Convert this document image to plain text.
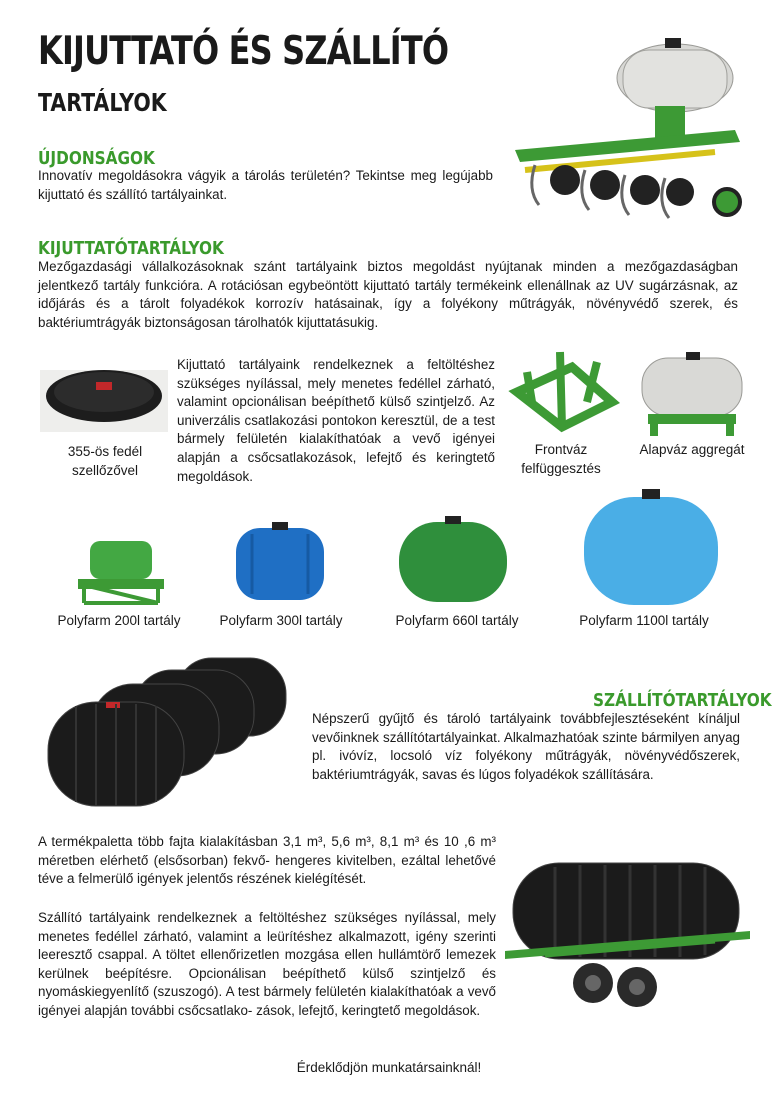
KIJUTTATÓ ÉS SZÁLLÍTÓ
TARTÁLYOK
ÚJDONSÁGOK
Innovatív megoldásokra vágyik a tárolás területén? Tekintse meg legújabb kijuttató és szállító tartályainkat.
KIJUTTATÓTARTÁLYOK
Mezőgazdasági vállalkozásoknak szánt tartályaink biztos megoldást nyújtanak minden a mezőgazdaságban jelentkező tartály funkcióra. A rotációsan egybeöntött kijuttató tartály termékeink ellenállnak az UV sugárzásnak, az időjárás és a tárolt folyadékok korrozív hatásainak, így a folyékony műtrágyák, növényvédő szerek, és baktériumtrágyák biztonságosan tárolhatók kijuttatásukig.
355-ös fedél szellőzővel
Kijuttató tartályaink rendelkeznek a feltöltéshez szükséges nyílással, mely menetes fedéllel zárható, valamint opcionálisan beépíthető külső szintjelző. Az univerzális csatlakozási pontokon keresztül, de a test bármely felületén kialakíthatóak a vevő igényei alapján a csőcsatlakozások, lefejtő és keringtető megoldások.
Frontváz felfüggesztés
Alapváz aggregát
Polyfarm 200l tartály	Polyfarm 300l tartály	Polyfarm 660l tartály	Polyfarm 1100l tartály
SZÁLLÍTÓTARTÁLYOK
Népszerű gyűjtő és tároló tartályaink továbbfejlesztéseként kínáljul vevőinknek szállítótartályainkat. Alkalmazhatóak szinte bármilyen anyag pl. ivóvíz, locsoló víz folyékony műtrágyák, növényvédőszerek, baktériumtrágyák, savas és lúgos folyadékok szállítására.
A termékpaletta több fajta kialakításban 3,1 m³, 5,6 m³, 8,1 m³ és 10 ,6 m³ méretben elérhető (elsősorban) fekvő- hengeres kivitelben, ezáltal lehetővé téve a felmerülő igények jelentős részének kielégítését.
Szállító tartályaink rendelkeznek a feltöltéshez szükséges nyílással, mely menetes fedéllel zárható, valamint a leürítéshez alkalmazott, igény szerinti leeresztő csappal. A töltet ellenőrizetlen mozgása ellen hullámtörő lemezek kerülnek beépítésre. Opcionálisan beépíthető külső szintjelző és nyomáskiegyenlítő (szuszogó). A test bármely felületén kialakíthatóak a vevő igényei alapján további csőcsatlako- zások, lefejtő, keringtető megoldások.
Érdeklődjön munkatársainknál!
